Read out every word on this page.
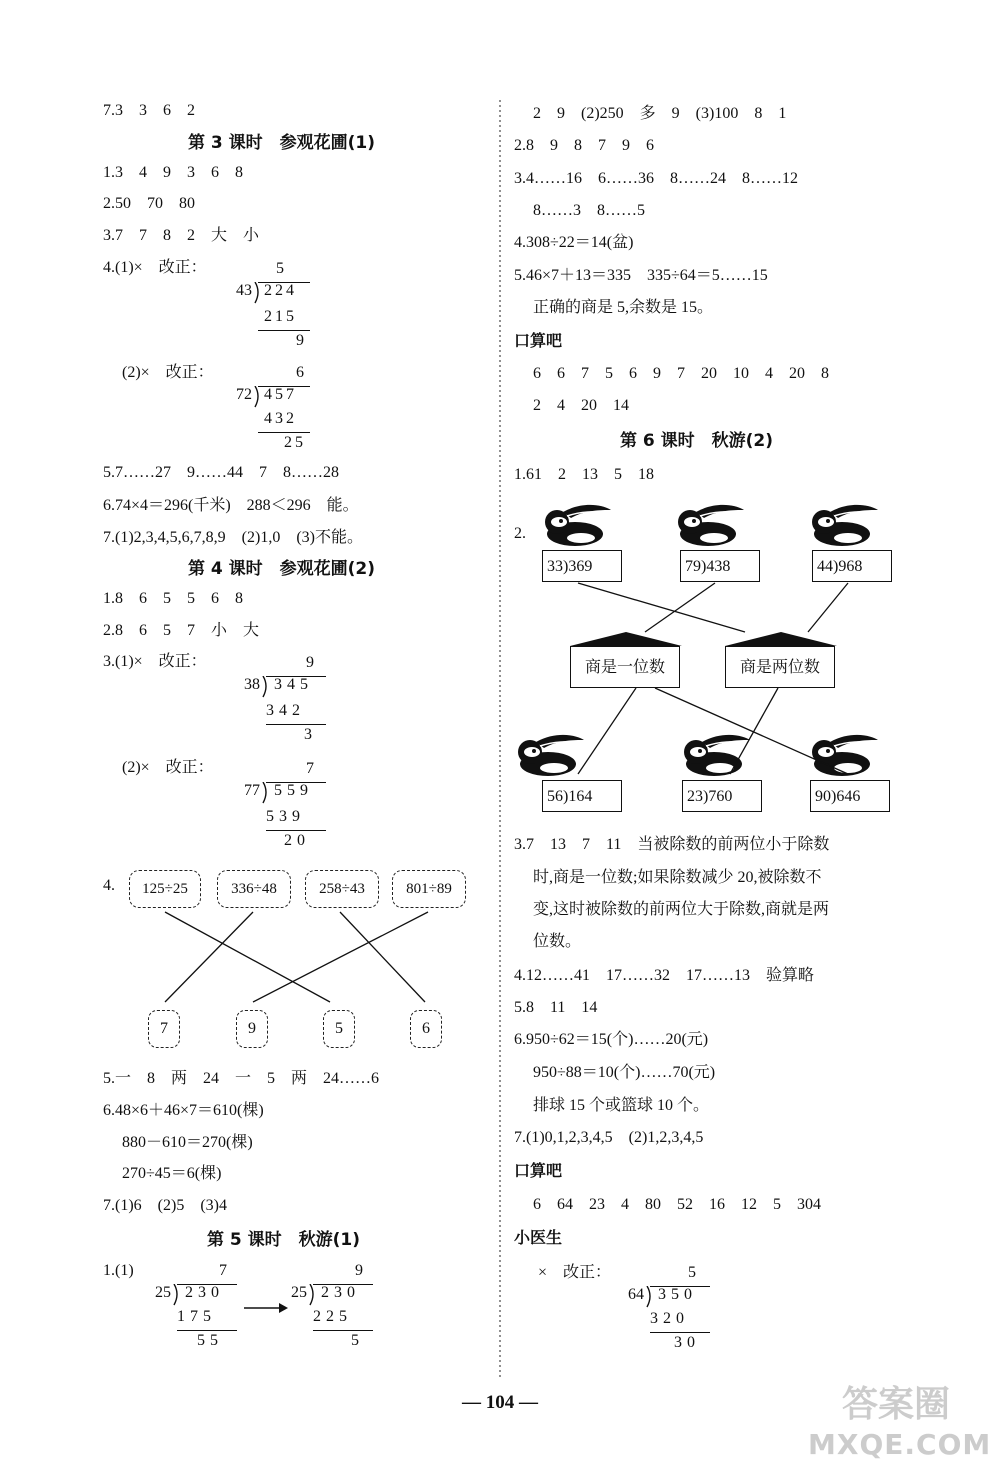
7.3　3　6　2
第 3 课时　参观花圃(1)
1.3　4　9　3　6　8
2.50　70　80
3.7　7　8　2　大　小
4.(1)×　改正：	5
43 224
215
9
(2)×　改正：	6
72 457
432
25
5.7……27　9……44　7　8……28
6.74×4＝296(千米)　288＜296　能。
7.(1)2,3,4,5,6,7,8,9　(2)1,0　(3)不能。
第 4 课时　参观花圃(2)
1.8　6　5　5　6　8
2.8　6　5　7　小　大
3.(1)×　改正：	9
38 345
342
3
(2)×　改正：	7
77 559
539
20
4.	125÷25	336÷48	258÷43	801÷89
7	9	5	6
5.一　8　两　24　一　5　两　24……6
6.48×6＋46×7＝610(棵)
880－610＝270(棵)
270÷45＝6(棵)
7.(1)6　(2)5　(3)4
第 5 课时　秋游(1)
1.(1)	7
25 230
175
55
9
25 230
225
5
2　9　(2)250　多　9　(3)100　8　1
2.8　9　8　7　9　6
3.4……16　6……36　8……24　8……12
8……3　8……5
4.308÷22＝14(盆)
5.46×7＋13＝335　335÷64＝5……15
正确的商是 5,余数是 15。
口算吧
6　6　7　5　6　9　7　20　10　4　20　8
2　4　20　14
第 6 课时　秋游(2)
1.61　2　13　5　18
2.
33)369	79)438	44)968
商是一位数	商是两位数
56)164	23)760	90)646
3.7　13　7　11　当被除数的前两位小于除数
时,商是一位数;如果除数减少 20,被除数不
变,这时被除数的前两位大于除数,商就是两
位数。
4.12……41　17……32　17……13　验算略
5.8　11　14
6.950÷62＝15(个)……20(元)
950÷88＝10(个)……70(元)
排球 15 个或篮球 10 个。
7.(1)0,1,2,3,4,5　(2)1,2,3,4,5
口算吧
6　64　23　4　80　52　16　12　5　304
小医生
×　改正：	5
64 350
320
30
— 104 —	答案圈
MXQE.COM
